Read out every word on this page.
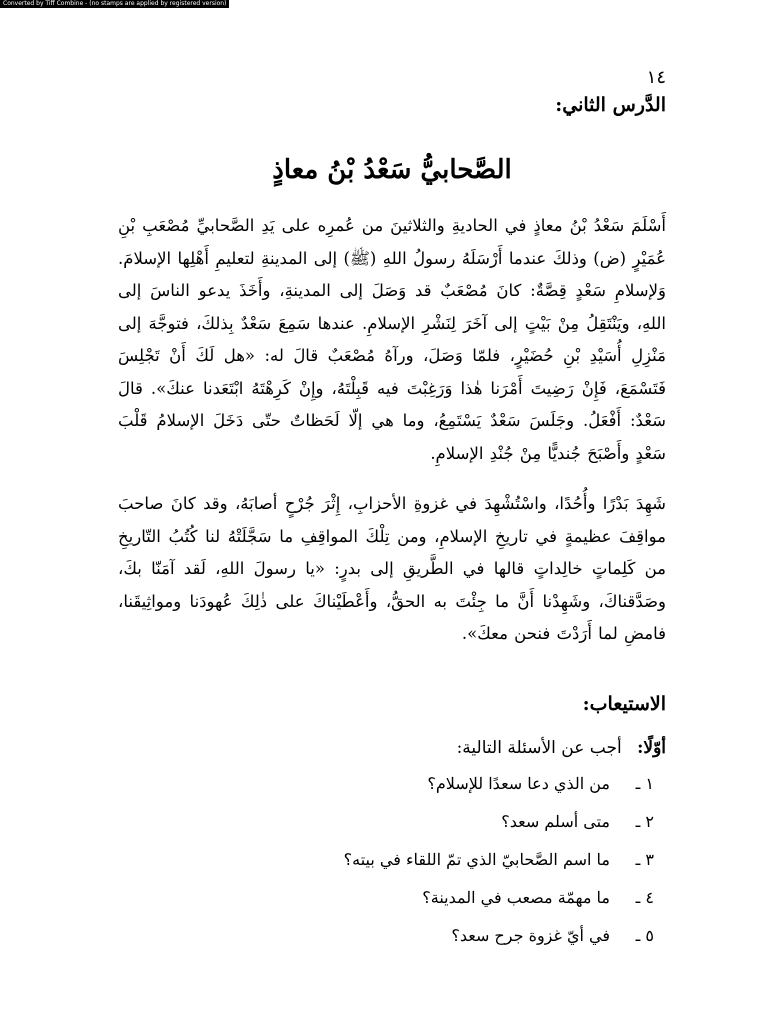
Converted by Tiff Combine - (no stamps are applied by registered version)
١٤
الدَّرس الثاني:
الصَّحابيُّ سَعْدُ بْنُ معاذٍ

أَسْلَمَ سَعْدُ بْنُ معاذٍ في الحاديةِ والثلاثينَ من عُمرِه على يَدِ الصَّحابيِّ مُصْعَبِ بْنِ عُمَيْرٍ (ض) وذلكَ عندما أَرْسَلَهُ رسولُ اللهِ (ﷺ) إلى المدينةِ لتعليمِ أَهْلِها الإسلامَ. وَلإسلامِ سَعْدٍ قِصَّةٌ: كانَ مُصْعَبٌ قد وَصَلَ إلى المدينةِ، وأَخَذَ يدعو الناسَ إلى اللهِ، ويَنْتَقِلُ مِنْ بَيْتٍ إلى آخَرَ لِنَشْرِ الإسلامِ. عندها سَمِعَ سَعْدٌ بِذلكَ، فتوجَّهَ إلى مَنْزِلِ أُسَيْدِ بْنِ حُضَيْرٍ، فلمّا وَصَلَ، ورآهُ مُصْعَبٌ قالَ له: «هل لَكَ أَنْ تَجْلِسَ فَتَسْمَعَ، فَإِنْ رَضِيتَ أَمْرَنا هٰذا وَرَغِبْتَ فيه قَبِلْتَهُ، وإِنْ كَرِهْتَهُ ابْتَعَدنا عنكَ». قالَ سَعْدٌ: أَفْعَلُ. وجَلَسَ سَعْدٌ يَسْتَمِعُ، وما هي إلّا لَحَظاتٌ حتّى دَخَلَ الإسلامُ قَلْبَ سَعْدٍ وأَصْبَحَ جُنديًّا مِنْ جُنْدِ الإسلامِ.

شَهِدَ بَدْرًا وأُحُدًا، واسْتُشْهِدَ في غزوةِ الأحزابِ، إِثْرَ جُرْحٍ أصابَهُ، وقد كانَ صاحبَ مواقِفَ عظيمةٍ في تاريخِ الإسلامِ، ومن تِلْكَ المواقِفِ ما سَجَّلَتْهُ لنا كُتُبُ التّاريخِ من كَلِماتٍ خالِداتٍ قالها في الطَّريقِ إلى بدرٍ: «يا رسولَ اللهِ، لَقد آمَنّا بكَ، وصَدَّقناكَ، وشَهِدْنا أَنَّ ما جِئْتَ به الحقُّ، وأَعْطَيْناكَ على ذٰلِكَ عُهودَنا ومواثِيقَنا، فامضِ لما أَرَدْتَ فنحن معكَ».

الاستيعاب:
أوّلًا: أجب عن الأسئلة التالية:
١ ـمن الذي دعا سعدًا للإسلام؟
٢ ـمتى أسلم سعد؟
٣ ـما اسم الصَّحابيّ الذي تمّ اللقاء في بيته؟
٤ ـما مهمّة مصعب في المدينة؟
٥ ـفي أيّ غزوة جرح سعد؟
